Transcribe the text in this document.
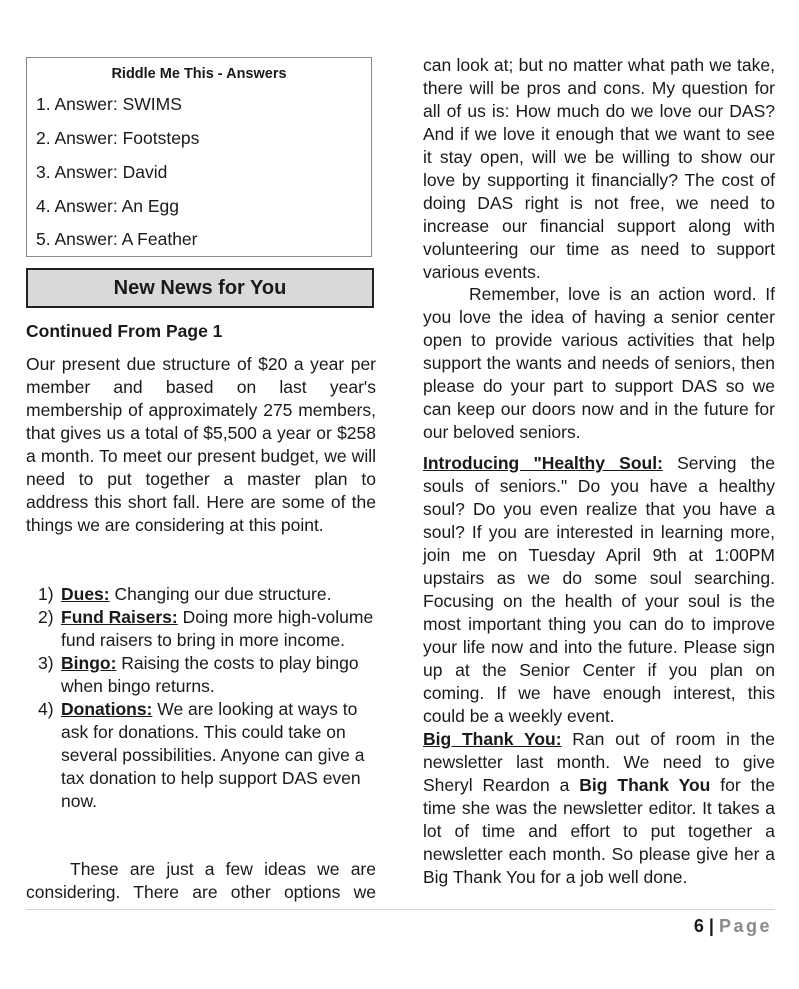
Riddle Me This - Answers
1. Answer: SWIMS
2. Answer: Footsteps
3. Answer: David
4. Answer: An Egg
5. Answer: A Feather
New News for You
Continued From Page 1

Our present due structure of $20 a year per member and based on last year's membership of approximately 275 members, that gives us a total of $5,500 a year or $258 a month. To meet our present budget, we will need to put together a master plan to address this short fall. Here are some of the things we are considering at this point.

1) Dues: Changing our due structure.
2) Fund Raisers: Doing more high-volume fund raisers to bring in more income.
3) Bingo: Raising the costs to play bingo when bingo returns.
4) Donations: We are looking at ways to ask for donations. This could take on several possibilities. Anyone can give a tax donation to help support DAS even now.

These are just a few ideas we are considering. There are other options we

can look at; but no matter what path we take, there will be pros and cons. My question for all of us is: How much do we love our DAS? And if we love it enough that we want to see it stay open, will we be willing to show our love by supporting it financially? The cost of doing DAS right is not free, we need to increase our financial support along with volunteering our time as need to support various events.

Remember, love is an action word. If you love the idea of having a senior center open to provide various activities that help support the wants and needs of seniors, then please do your part to support DAS so we can keep our doors now and in the future for our beloved seniors.

Introducing "Healthy Soul: Serving the souls of seniors." Do you have a healthy soul? Do you even realize that you have a soul? If you are interested in learning more, join me on Tuesday April 9th at 1:00PM upstairs as we do some soul searching. Focusing on the health of your soul is the most important thing you can do to improve your life now and into the future. Please sign up at the Senior Center if you plan on coming. If we have enough interest, this could be a weekly event.

Big Thank You: Ran out of room in the newsletter last month. We need to give Sheryl Reardon a Big Thank You for the time she was the newsletter editor. It takes a lot of time and effort to put together a newsletter each month. So please give her a Big Thank You for a job well done.

6 | Page
